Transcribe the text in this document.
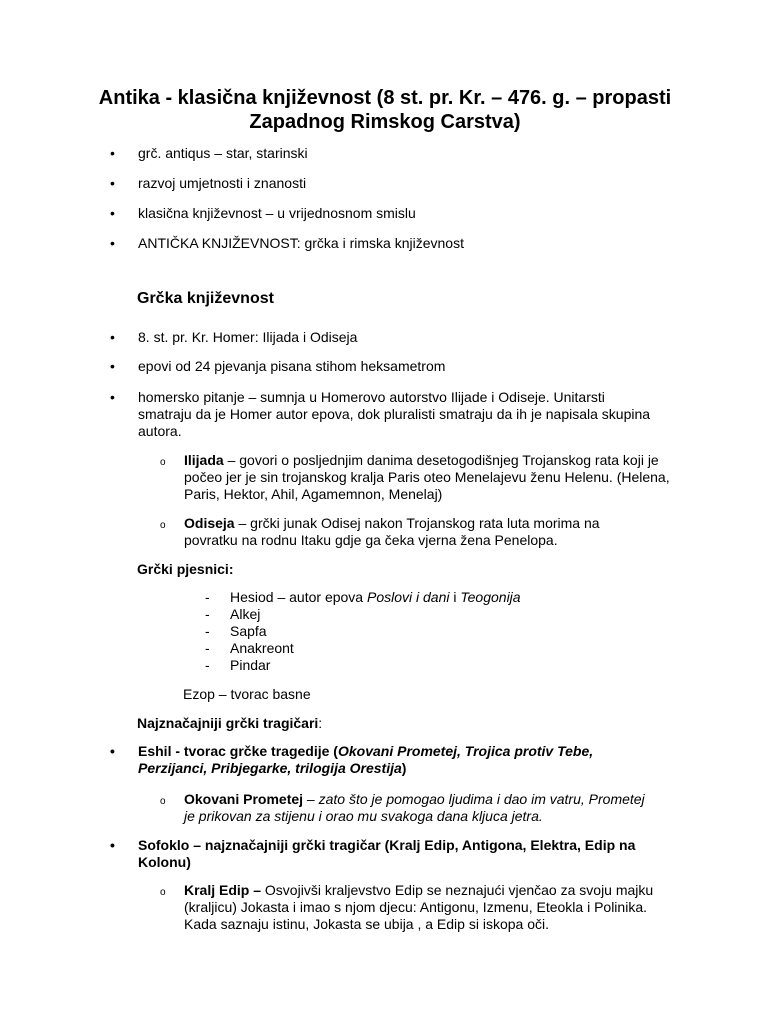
Antika - klasična književnost (8 st. pr. Kr. – 476. g. – propasti Zapadnog Rimskog Carstva)
•	grč. antiqus – star, starinski
•	razvoj umjetnosti i znanosti
•	klasična književnost – u vrijednosnom smislu
•	ANTIČKA KNJIŽEVNOST: grčka i rimska književnost
Grčka književnost
•	8. st. pr. Kr. Homer: Ilijada i Odiseja
•	epovi od 24 pjevanja pisana stihom heksametrom
•	homersko pitanje – sumnja u Homerovo autorstvo Ilijade i Odiseje. Unitarsti smatraju da je Homer autor epova, dok pluralisti smatraju da ih je napisala skupina autora.
o Ilijada – govori o posljednjim danima desetogodišnjeg Trojanskog rata koji je počeo jer je sin trojanskog kralja Paris oteo Menelajevu ženu Helenu. (Helena, Paris, Hektor, Ahil, Agamemnon, Menelaj)
o Odiseja – grčki junak Odisej nakon Trojanskog rata luta morima na povratku na rodnu Itaku gdje ga čeka vjerna žena Penelopa.
Grčki pjesnici:
- Hesiod – autor epova Poslovi i dani i Teogonija
- Alkej
- Sapfa
- Anakreont
- Pindar
Ezop – tvorac basne
Najznačajniji grčki tragičari:
•	Eshil - tvorac grčke tragedije (Okovani Prometej, Trojica protiv Tebe, Perzijanci, Pribjegarke, trilogija Orestija)
o Okovani Prometej – zato što je pomogao ljudima i dao im vatru, Prometej je prikovan za stijenu i orao mu svakoga dana kljuca jetra.
•	Sofoklo – najznačajniji grčki tragičar (Kralj Edip, Antigona, Elektra, Edip na Kolonu)
o Kralj Edip – Osvojivši kraljevstvo Edip se neznajući vjenčao za svoju majku (kraljicu) Jokasta i imao s njom djecu: Antigonu, Izmenu, Eteokla i Polinika. Kada saznaju istinu, Jokasta se ubija , a Edip si iskopa oči.
